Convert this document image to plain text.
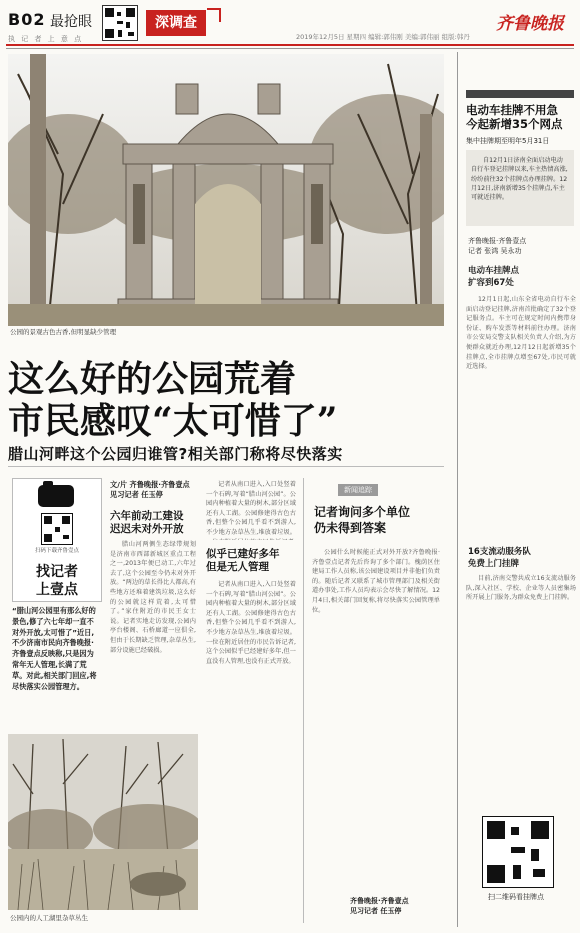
B02 最抢眼	深调查
执 记 者 上 意 点	2019年12月5日 星期四 编辑:郭伟刚 美编:郭伟丽 组版:韩丹
齐鲁晚报
公园的景观古色古香,但明显缺少管理
这么好的公园荒着
市民感叹“太可惜了”
腊山河畔这个公园归谁管?相关部门称将尽快落实
扫码下载齐鲁壹点
找记者
上壹点
“腊山河公园里有那么好的景色,修了六七年却一直不对外开放,太可惜了”近日,不少济南市民向齐鲁晚报·齐鲁壹点反映称,只是因为常年无人管理,长满了荒草。对此,相关部门回应,将尽快落实公园管理方。
文/片 齐鲁晚报·齐鲁壹点
见习记者 任玉停
六年前动工建设
迟迟未对外开放
腊山河两侧生态绿带规划是济南市西部新城区重点工程之一,2013年便已动工,六年过去了,这个公园至今仍未对外开放。“两边的草长得比人都高,有些地方还堆着建筑垃圾,这么好的公园就这样荒着,太可惜了。”家住附近的市民王女士说。记者实地走访发现,公园内亭台楼阁、石桥廊道一应俱全,但由于长期缺乏管理,杂草丛生,部分设施已经破损。
记者从南口进入,入口处竖着一个石碑,写着“腊山河公园”。公园内种植着大量的树木,部分区域还有人工湖。公园修建得古色古香,但整个公园几乎看不到游人,不少地方杂草丛生,堆放着垃圾。
似乎已建好多年
但是无人管理
记者从南口进入,入口处竖着一个石碑,写着“腊山河公园”。公园内种植着大量的树木,部分区域还有人工湖。公园修建得古色古香,但整个公园几乎看不到游人,不少地方杂草丛生,堆放着垃圾。一位在附近居住的市民告诉记者,这个公园似乎已经建好多年,但一直没有人管理,也没有正式开放。
新闻追踪
记者询问多个单位
仍未得到答案
公园什么时候能正式对外开放?齐鲁晚报·齐鲁壹点记者先后咨询了多个部门。槐荫区住建局工作人员称,该公园建设项目并非他们负责的。随后记者又联系了城市管理部门及相关街道办事处,工作人员均表示会尽快了解情况。12月4日,相关部门回复称,将尽快落实公园管理单位。
齐鲁晚报·齐鲁壹点
见习记者 任玉停
公园内的人工湖里杂草丛生
电动车挂牌不用急
今起新增35个网点
集中挂牌期至明年5月31日
自12月1日济南全面启动电动自行车登记挂牌以来,车主热情高涨,纷纷前往32个挂牌点办理挂牌。12月12日,济南新增35个挂牌点,车主可就近挂牌。
齐鲁晚报·齐鲁壹点
记者 张鸿 吴永功
电动车挂牌点
扩容到67处
12月1日起,山东全省电动自行车全面启动登记挂牌,济南首批确定了32个登记服务点。车主可在规定时间内携带身份证、购车发票等材料前往办理。济南市公安局交警支队相关负责人介绍,为方便群众就近办理,12月12日起新增35个挂牌点,全市挂牌点增至67处,市民可就近选择。
16支流动服务队
免费上门挂牌
目前,济南交警共成立16支流动服务队,深入社区、学校、企业等人员密集场所开展上门服务,为群众免费上门挂牌。
扫二维码看挂牌点
